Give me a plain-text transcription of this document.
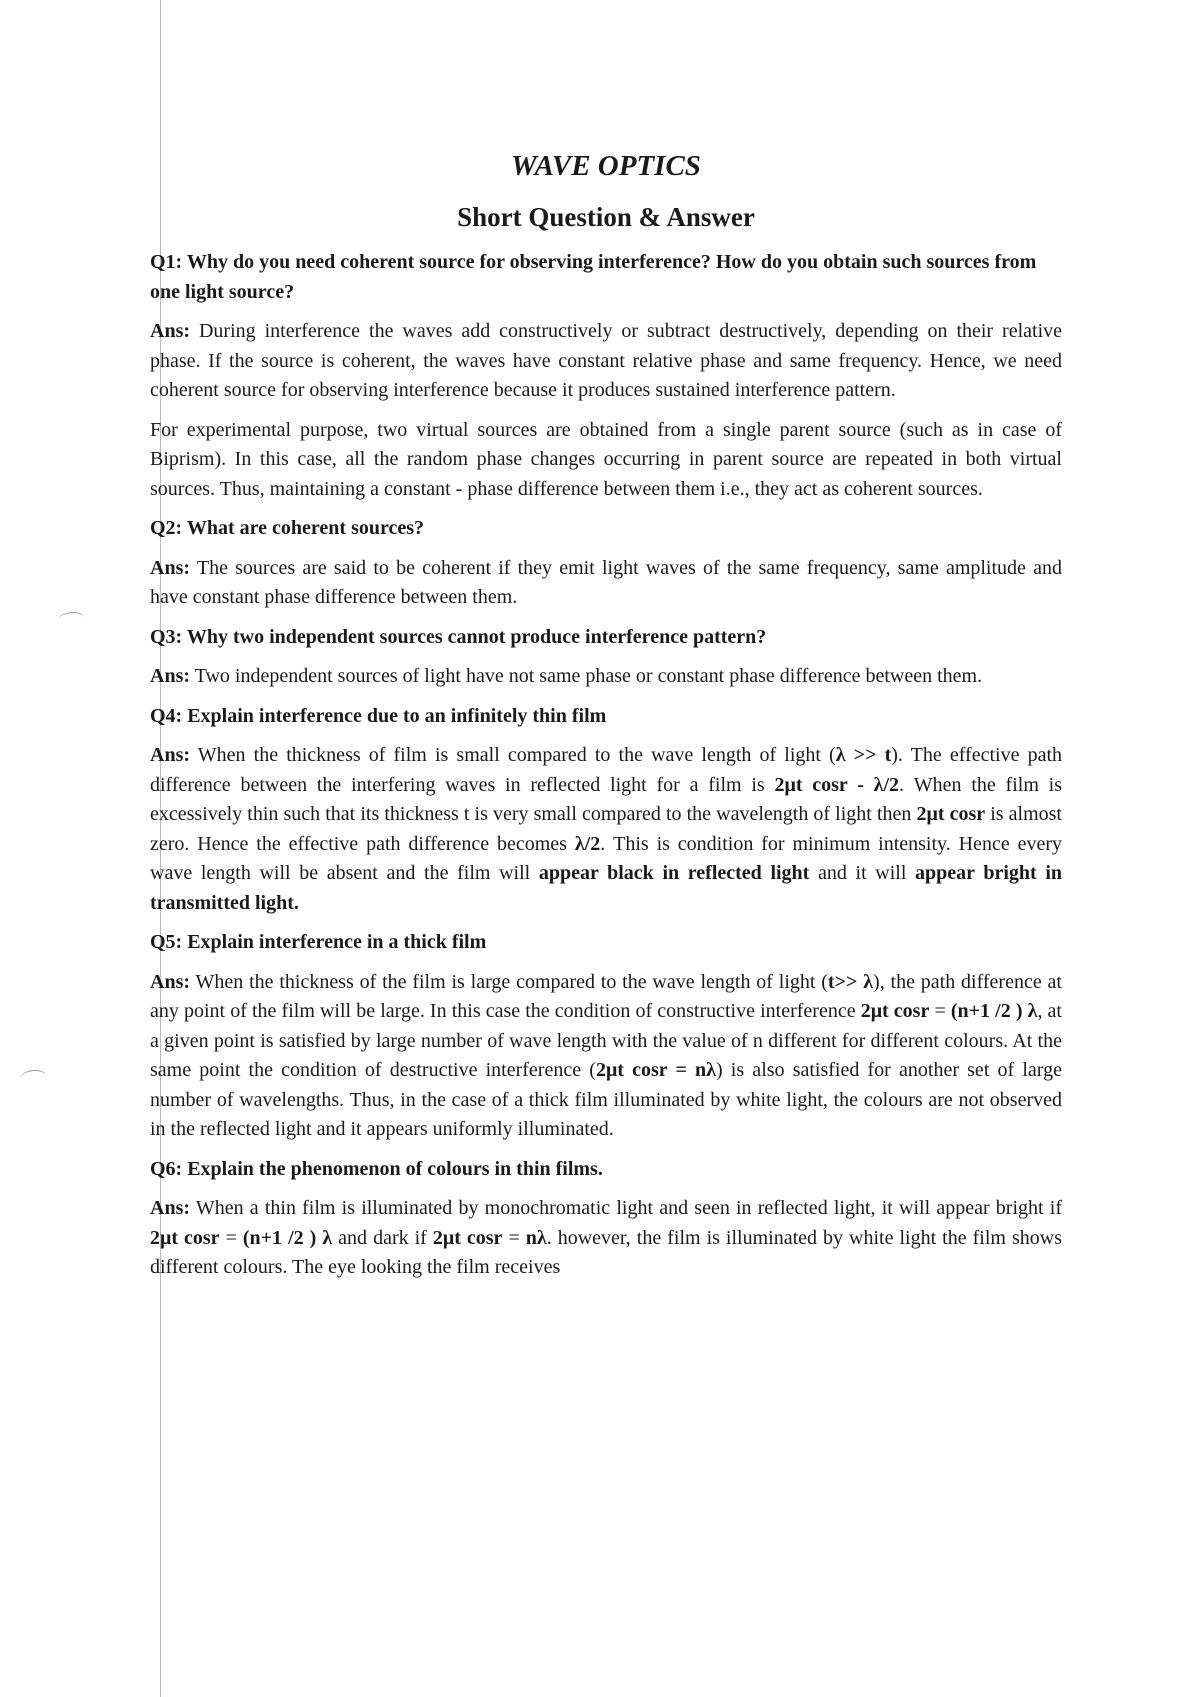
WAVE OPTICS
Short Question & Answer
Q1: Why do you need coherent source for observing interference? How do you obtain such sources from one light source?
Ans: During interference the waves add constructively or subtract destructively, depending on their relative phase. If the source is coherent, the waves have constant relative phase and same frequency. Hence, we need coherent source for observing interference because it produces sustained interference pattern.
For experimental purpose, two virtual sources are obtained from a single parent source (such as in case of Biprism). In this case, all the random phase changes occurring in parent source are repeated in both virtual sources. Thus, maintaining a constant - phase difference between them i.e., they act as coherent sources.
Q2: What are coherent sources?
Ans: The sources are said to be coherent if they emit light waves of the same frequency, same amplitude and have constant phase difference between them.
Q3: Why two independent sources cannot produce interference pattern?
Ans: Two independent sources of light have not same phase or constant phase difference between them.
Q4: Explain interference due to an infinitely thin film
Ans: When the thickness of film is small compared to the wave length of light (λ >> t). The effective path difference between the interfering waves in reflected light for a film is 2μt cosr - λ/2. When the film is excessively thin such that its thickness t is very small compared to the wavelength of light then 2μt cosr is almost zero. Hence the effective path difference becomes λ/2. This is condition for minimum intensity. Hence every wave length will be absent and the film will appear black in reflected light and it will appear bright in transmitted light.
Q5: Explain interference in a thick film
Ans: When the thickness of the film is large compared to the wave length of light (t>> λ), the path difference at any point of the film will be large. In this case the condition of constructive interference 2μt cosr = (n+1 /2 ) λ, at a given point is satisfied by large number of wave length with the value of n different for different colours. At the same point the condition of destructive interference (2μt cosr = nλ) is also satisfied for another set of large number of wavelengths. Thus, in the case of a thick film illuminated by white light, the colours are not observed in the reflected light and it appears uniformly illuminated.
Q6: Explain the phenomenon of colours in thin films.
Ans: When a thin film is illuminated by monochromatic light and seen in reflected light, it will appear bright if 2μt cosr = (n+1 /2 ) λ and dark if 2μt cosr = nλ. however, the film is illuminated by white light the film shows different colours. The eye looking the film receives
